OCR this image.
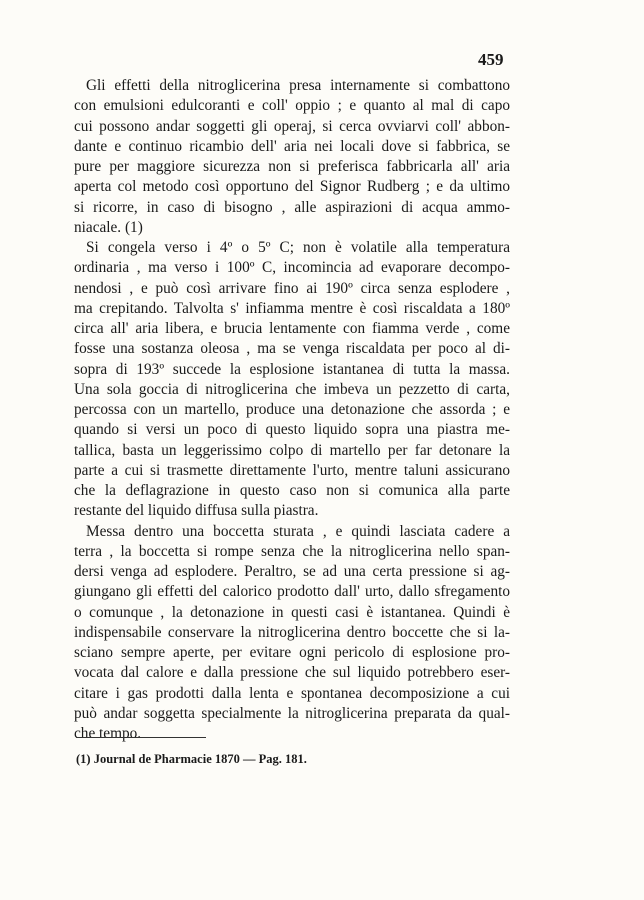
459
Gli effetti della nitroglicerina presa internamente si combattono
con emulsioni edulcoranti e coll' oppio ; e quanto al mal di capo
cui possono andar soggetti gli operaj, si cerca ovviarvi coll' abbon-
dante e continuo ricambio dell' aria nei locali dove si fabbrica, se
pure per maggiore sicurezza non si preferisca fabbricarla all' aria
aperta col metodo così opportuno del Signor Rudberg ; e da ultimo
si ricorre, in caso di bisogno , alle aspirazioni di acqua ammo-
niacale. (1)
Si congela verso i 4º o 5º C; non è volatile alla temperatura
ordinaria , ma verso i 100º C, incomincia ad evaporare decompo-
nendosi , e può così arrivare fino ai 190º circa senza esplodere ,
ma crepitando. Talvolta s' infiamma mentre è così riscaldata a 180º
circa all' aria libera, e brucia lentamente con fiamma verde , come
fosse una sostanza oleosa , ma se venga riscaldata per poco al di-
sopra di 193º succede la esplosione istantanea di tutta la massa.
Una sola goccia di nitroglicerina che imbeva un pezzetto di carta,
percossa con un martello, produce una detonazione che assorda ; e
quando si versi un poco di questo liquido sopra una piastra me-
tallica, basta un leggerissimo colpo di martello per far detonare la
parte a cui si trasmette direttamente l'urto, mentre taluni assicurano
che la deflagrazione in questo caso non si comunica alla parte
restante del liquido diffusa sulla piastra.
Messa dentro una boccetta sturata , e quindi lasciata cadere a
terra , la boccetta si rompe senza che la nitroglicerina nello span-
dersi venga ad esplodere. Peraltro, se ad una certa pressione si ag-
giungano gli effetti del calorico prodotto dall' urto, dallo sfregamento
o comunque , la detonazione in questi casi è istantanea. Quindi è
indispensabile conservare la nitroglicerina dentro boccette che si la-
sciano sempre aperte, per evitare ogni pericolo di esplosione pro-
vocata dal calore e dalla pressione che sul liquido potrebbero eser-
citare i gas prodotti dalla lenta e spontanea decomposizione a cui
può andar soggetta specialmente la nitroglicerina preparata da qual-
che tempo.
(1) Journal de Pharmacie 1870 — Pag. 181.
